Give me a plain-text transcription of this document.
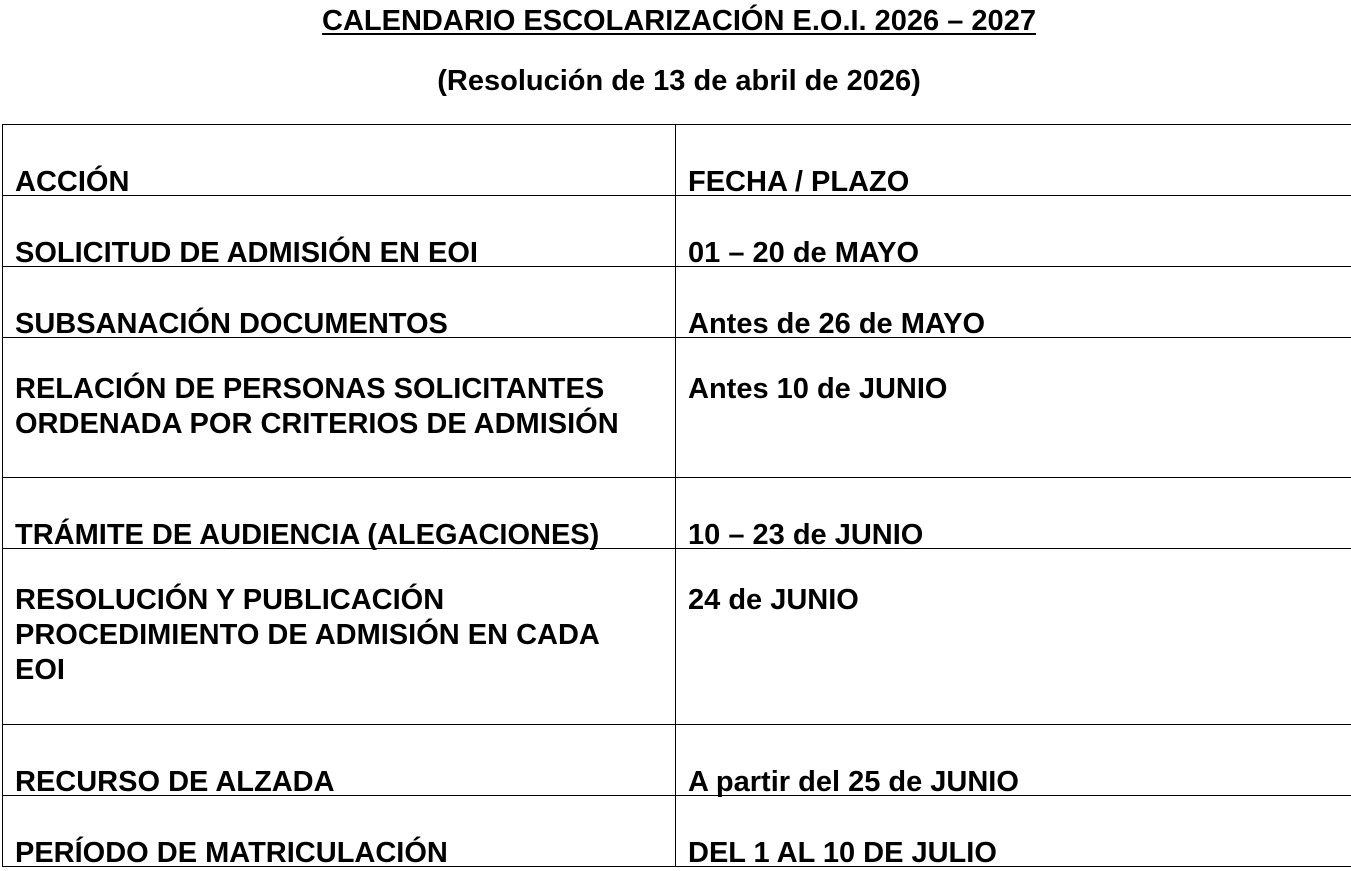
CALENDARIO ESCOLARIZACIÓN E.O.I. 2026 – 2027
(Resolución de 13 de abril de 2026)
ACCIÓN	FECHA / PLAZO

SOLICITUD DE ADMISIÓN EN EOI	01 – 20 de MAYO

SUBSANACIÓN DOCUMENTOS	Antes de 26 de MAYO

RELACIÓN DE PERSONAS SOLICITANTES
ORDENADA POR CRITERIOS DE ADMISIÓN	Antes 10 de JUNIO

TRÁMITE DE AUDIENCIA (ALEGACIONES)	10 – 23 de JUNIO

RESOLUCIÓN Y PUBLICACIÓN
PROCEDIMIENTO DE ADMISIÓN EN CADA
EOI	24 de JUNIO

RECURSO DE ALZADA	A partir del 25 de JUNIO

PERÍODO DE MATRICULACIÓN	DEL 1 AL 10 DE JULIO
